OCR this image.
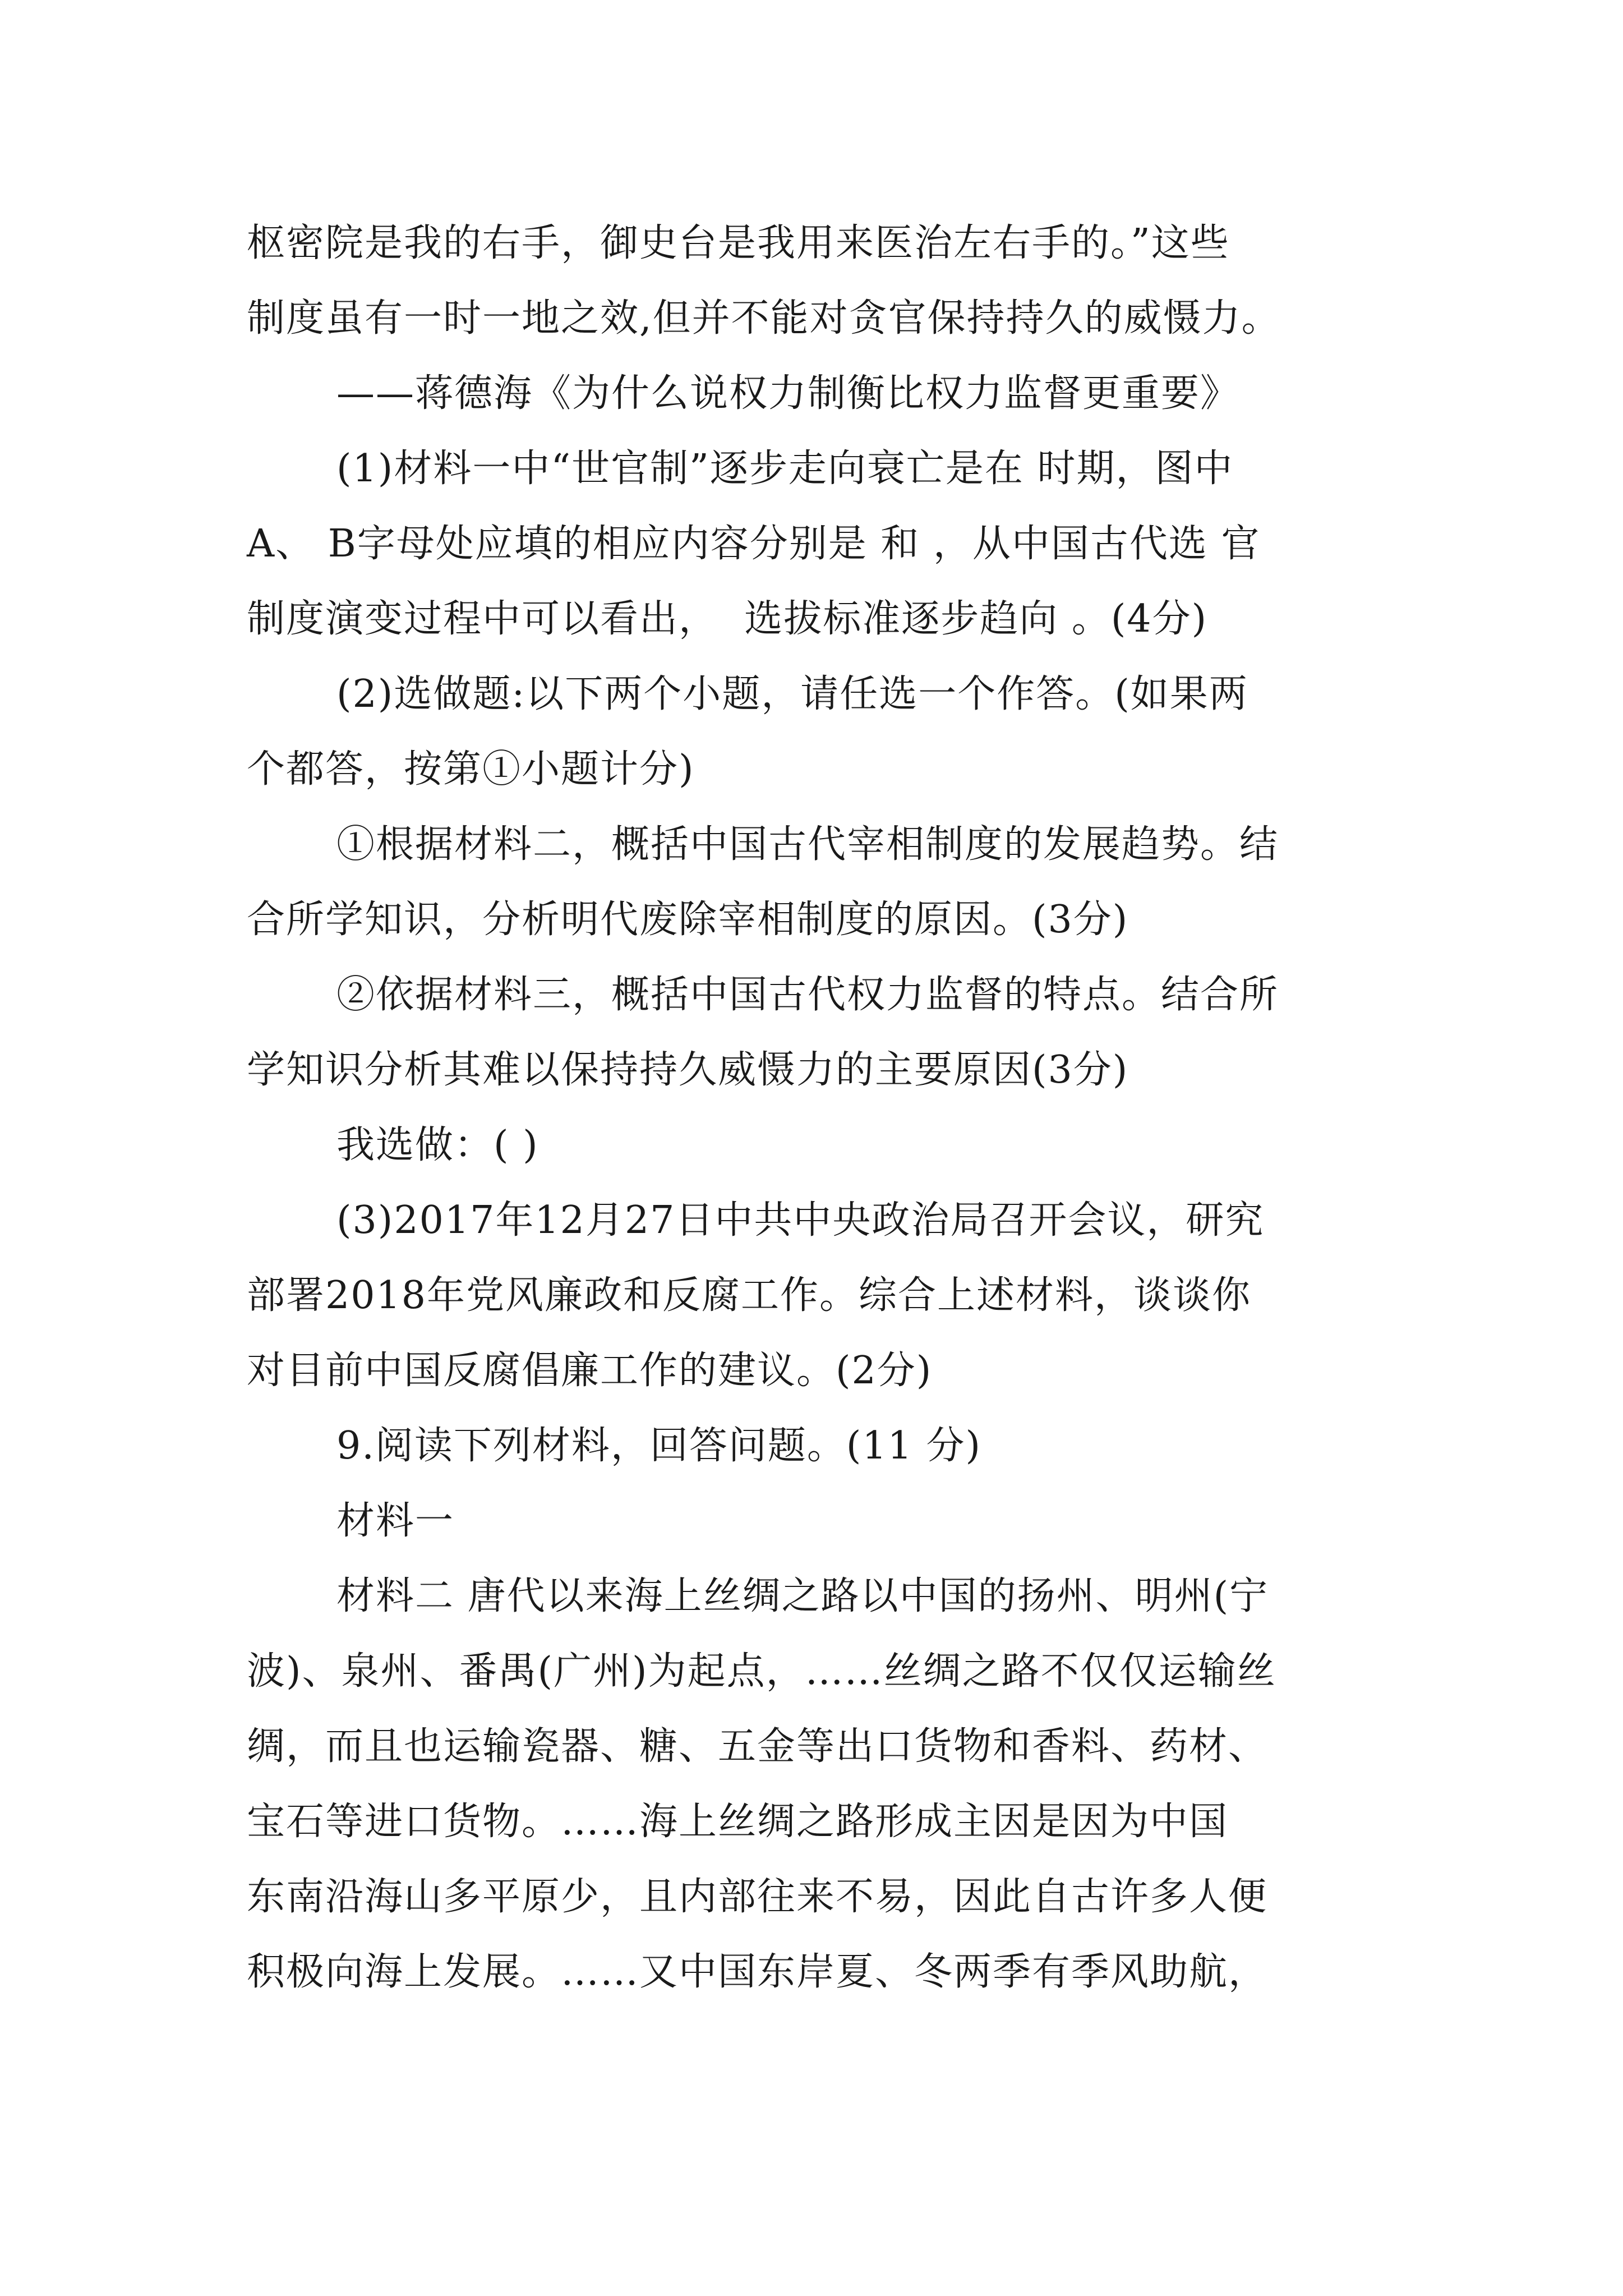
枢密院是我的右手，御史台是我用来医治左右手的。”这些
制度虽有一时一地之效,但并不能对贪官保持持久的威慑力。
——蒋德海《为什么说权力制衡比权力监督更重要》
(1)材料一中“世官制”逐步走向衰亡是在 时期，图中
A、 B字母处应填的相应内容分别是 和 ，从中国古代选 官
制度演变过程中可以看出，  选拔标准逐步趋向 。(4分)
(2)选做题:以下两个小题，请任选一个作答。(如果两
个都答，按第①小题计分)
①根据材料二，概括中国古代宰相制度的发展趋势。结
合所学知识，分析明代废除宰相制度的原因。(3分)
②依据材料三，概括中国古代权力监督的特点。结合所
学知识分析其难以保持持久威慑力的主要原因(3分)
我选做：( )
(3)2017年12月27日中共中央政治局召开会议，研究
部署2018年党风廉政和反腐工作。综合上述材料，谈谈你
对目前中国反腐倡廉工作的建议。(2分)
9.阅读下列材料，回答问题。(11 分)
材料一
材料二 唐代以来海上丝绸之路以中国的扬州、明州(宁
波)、泉州、番禺(广州)为起点，……丝绸之路不仅仅运输丝
绸，而且也运输瓷器、糖、五金等出口货物和香料、药材、
宝石等进口货物。……海上丝绸之路形成主因是因为中国
东南沿海山多平原少，且内部往来不易，因此自古许多人便
积极向海上发展。……又中国东岸夏、冬两季有季风助航，
